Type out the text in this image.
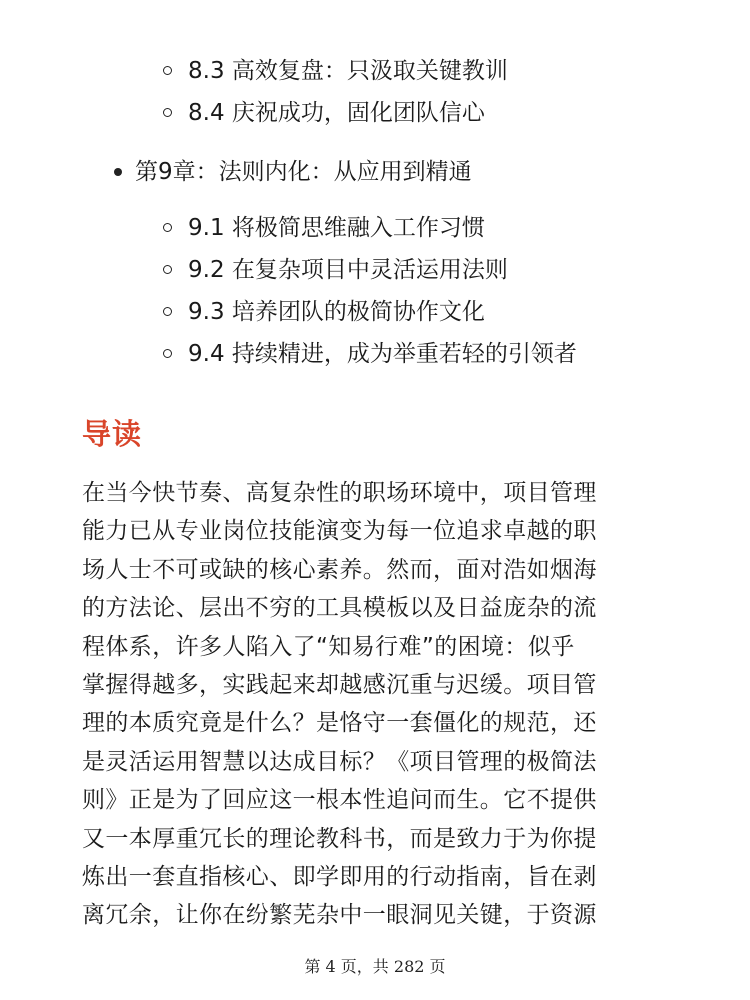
8.3 高效复盘：只汲取关键教训
8.4 庆祝成功，固化团队信心
第9章：法则内化：从应用到精通
9.1 将极简思维融入工作习惯
9.2 在复杂项目中灵活运用法则
9.3 培养团队的极简协作文化
9.4 持续精进，成为举重若轻的引领者
导读
在当今快节奏、高复杂性的职场环境中，项目管理
能力已从专业岗位技能演变为每一位追求卓越的职
场人士不可或缺的核心素养。然而，面对浩如烟海
的方法论、层出不穷的工具模板以及日益庞杂的流
程体系，许多人陷入了“知易行难”的困境：似乎
掌握得越多，实践起来却越感沉重与迟缓。项目管
理的本质究竟是什么？是恪守一套僵化的规范，还
是灵活运用智慧以达成目标？《项目管理的极简法
则》正是为了回应这一根本性追问而生。它不提供
又一本厚重冗长的理论教科书，而是致力于为你提
炼出一套直指核心、即学即用的行动指南，旨在剥
离冗余，让你在纷繁芜杂中一眼洞见关键，于资源
第 4 页，共 282 页
